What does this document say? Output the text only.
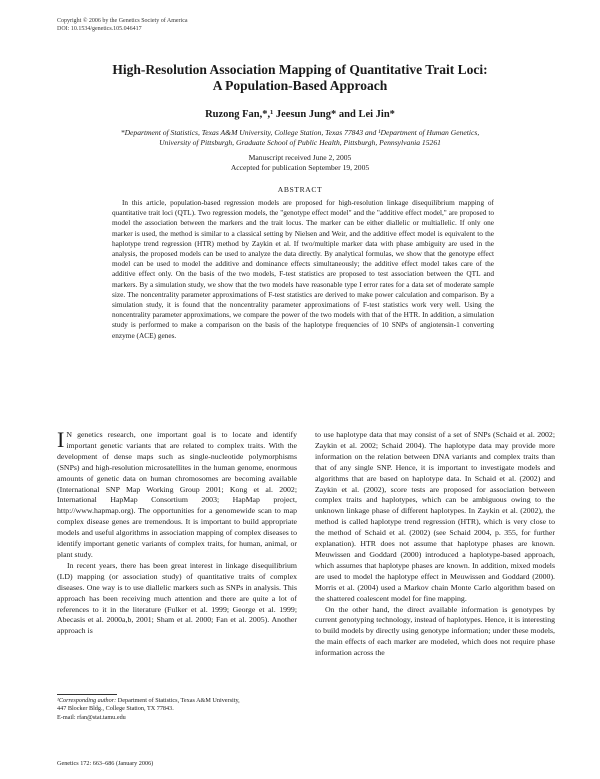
Copyright © 2006 by the Genetics Society of America
DOI: 10.1534/genetics.105.046417
High-Resolution Association Mapping of Quantitative Trait Loci:
A Population-Based Approach
Ruzong Fan,*,¹ Jeesun Jung* and Lei Jin*
*Department of Statistics, Texas A&M University, College Station, Texas 77843 and ¹Department of Human Genetics,
University of Pittsburgh, Graduate School of Public Health, Pittsburgh, Pennsylvania 15261
Manuscript received June 2, 2005
Accepted for publication September 19, 2005
ABSTRACT
In this article, population-based regression models are proposed for high-resolution linkage disequilibrium mapping of quantitative trait loci (QTL). Two regression models, the "genotype effect model" and the "additive effect model," are proposed to model the association between the markers and the trait locus. The marker can be either diallelic or multiallelic. If only one marker is used, the method is similar to a classical setting by Nielsen and Weir, and the additive effect model is equivalent to the haplotype trend regression (HTR) method by Zaykin et al. If two/multiple marker data with phase ambiguity are used in the analysis, the proposed models can be used to analyze the data directly. By analytical formulas, we show that the genotype effect model can be used to model the additive and dominance effects simultaneously; the additive effect model takes care of the additive effect only. On the basis of the two models, F-test statistics are proposed to test association between the QTL and markers. By a simulation study, we show that the two models have reasonable type I error rates for a data set of moderate sample size. The noncentrality parameter approximations of F-test statistics are derived to make power calculation and comparison. By a simulation study, it is found that the noncentrality parameter approximations of F-test statistics work very well. Using the noncentrality parameter approximations, we compare the power of the two models with that of the HTR. In addition, a simulation study is performed to make a comparison on the basis of the haplotype frequencies of 10 SNPs of angiotensin-1 converting enzyme (ACE) genes.

I N genetics research, one important goal is to locate and identify important genetic variants that are related to complex traits. With the development of dense maps such as single-nucleotide polymorphisms (SNPs) and high-resolution microsatellites in the human genome, enormous amounts of genetic data on human chromosomes are becoming available (International SNP Map Working Group 2001; Kong et al. 2002; International HapMap Consortium 2003; HapMap project, http://www.hapmap.org). The opportunities for a genomewide scan to map complex disease genes are tremendous. It is important to build appropriate models and useful algorithms in association mapping of complex diseases to identify important genetic variants of complex traits, for human, animal, or plant study.

In recent years, there has been great interest in linkage disequilibrium (LD) mapping (or association study) of quantitative traits of complex diseases. One way is to use diallelic markers such as SNPs in analysis. This approach has been receiving much attention and there are quite a lot of references to it in the literature (Fulker et al. 1999; George et al. 1999; Abecasis et al. 2000a,b, 2001; Sham et al. 2000; Fan et al. 2005). Another approach is

to use haplotype data that may consist of a set of SNPs (Schaid et al. 2002; Zaykin et al. 2002; Schaid 2004). The haplotype data may provide more information on the relation between DNA variants and complex traits than that of any single SNP. Hence, it is important to investigate models and algorithms that are based on haplotype data. In Schaid et al. (2002) and Zaykin et al. (2002), score tests are proposed for association between complex traits and haplotypes, which can be ambiguous owing to the unknown linkage phase of different haplotypes. In Zaykin et al. (2002), the method is called haplotype trend regression (HTR), which is very close to the method of Schaid et al. (2002) (see Schaid 2004, p. 355, for further explanation). HTR does not assume that haplotype phases are known. Meuwissen and Goddard (2000) introduced a haplotype-based approach, which assumes that haplotype phases are known. In addition, mixed models are used to model the haplotype effect in Meuwissen and Goddard (2000). Morris et al. (2004) used a Markov chain Monte Carlo algorithm based on the shattered coalescent model for fine mapping.

On the other hand, the direct available information is genotypes by current genotyping technology, instead of haplotypes. Hence, it is interesting to build models by directly using genotype information; under these models, the main effects of each marker are modeled, which does not require phase information across the

¹Corresponding author: Department of Statistics, Texas A&M University,
447 Blocker Bldg., College Station, TX 77843.
E-mail: rfan@stat.tamu.edu
Genetics 172: 663–686 (January 2006)
